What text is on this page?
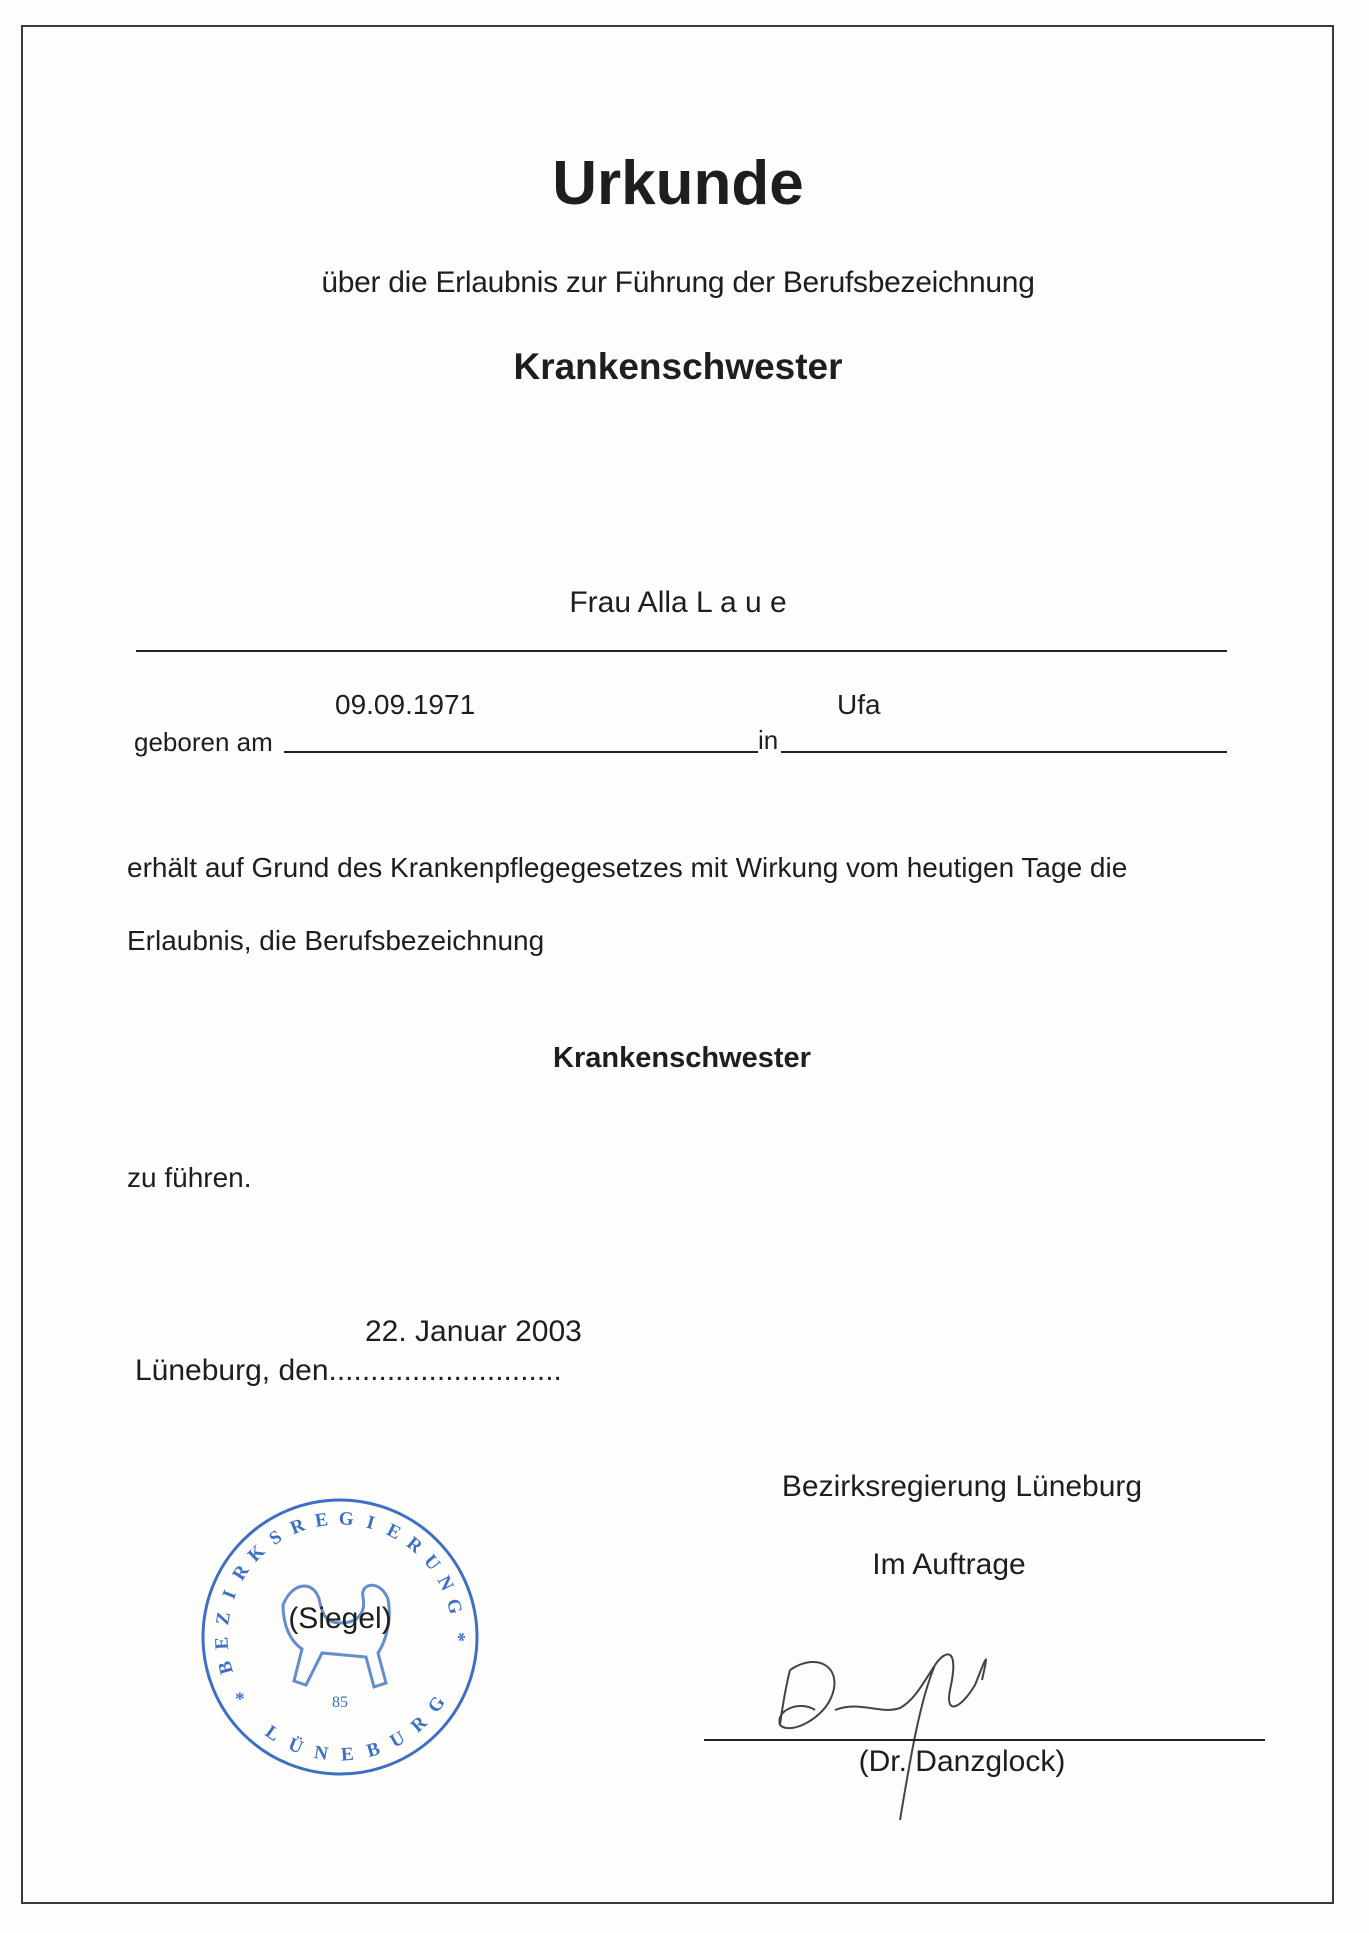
Urkunde
über die Erlaubnis zur Führung der Berufsbezeichnung
Krankenschwester
Frau Alla L a u e
09.09.1971	Ufa
geboren am	in
erhält auf Grund des Krankenpflegegesetzes mit Wirkung vom heutigen Tage die
Erlaubnis, die Berufsbezeichnung
Krankenschwester
zu führen.
22. Januar 2003
Lüneburg, den............................
Bezirksregierung Lüneburg
Im Auftrage
(Dr. Danzglock)
B
E
Z
I
R
K
S R E G I E
R
U
N
G
L
Ü N E B U
R
G
*
*	85
(Siegel)
